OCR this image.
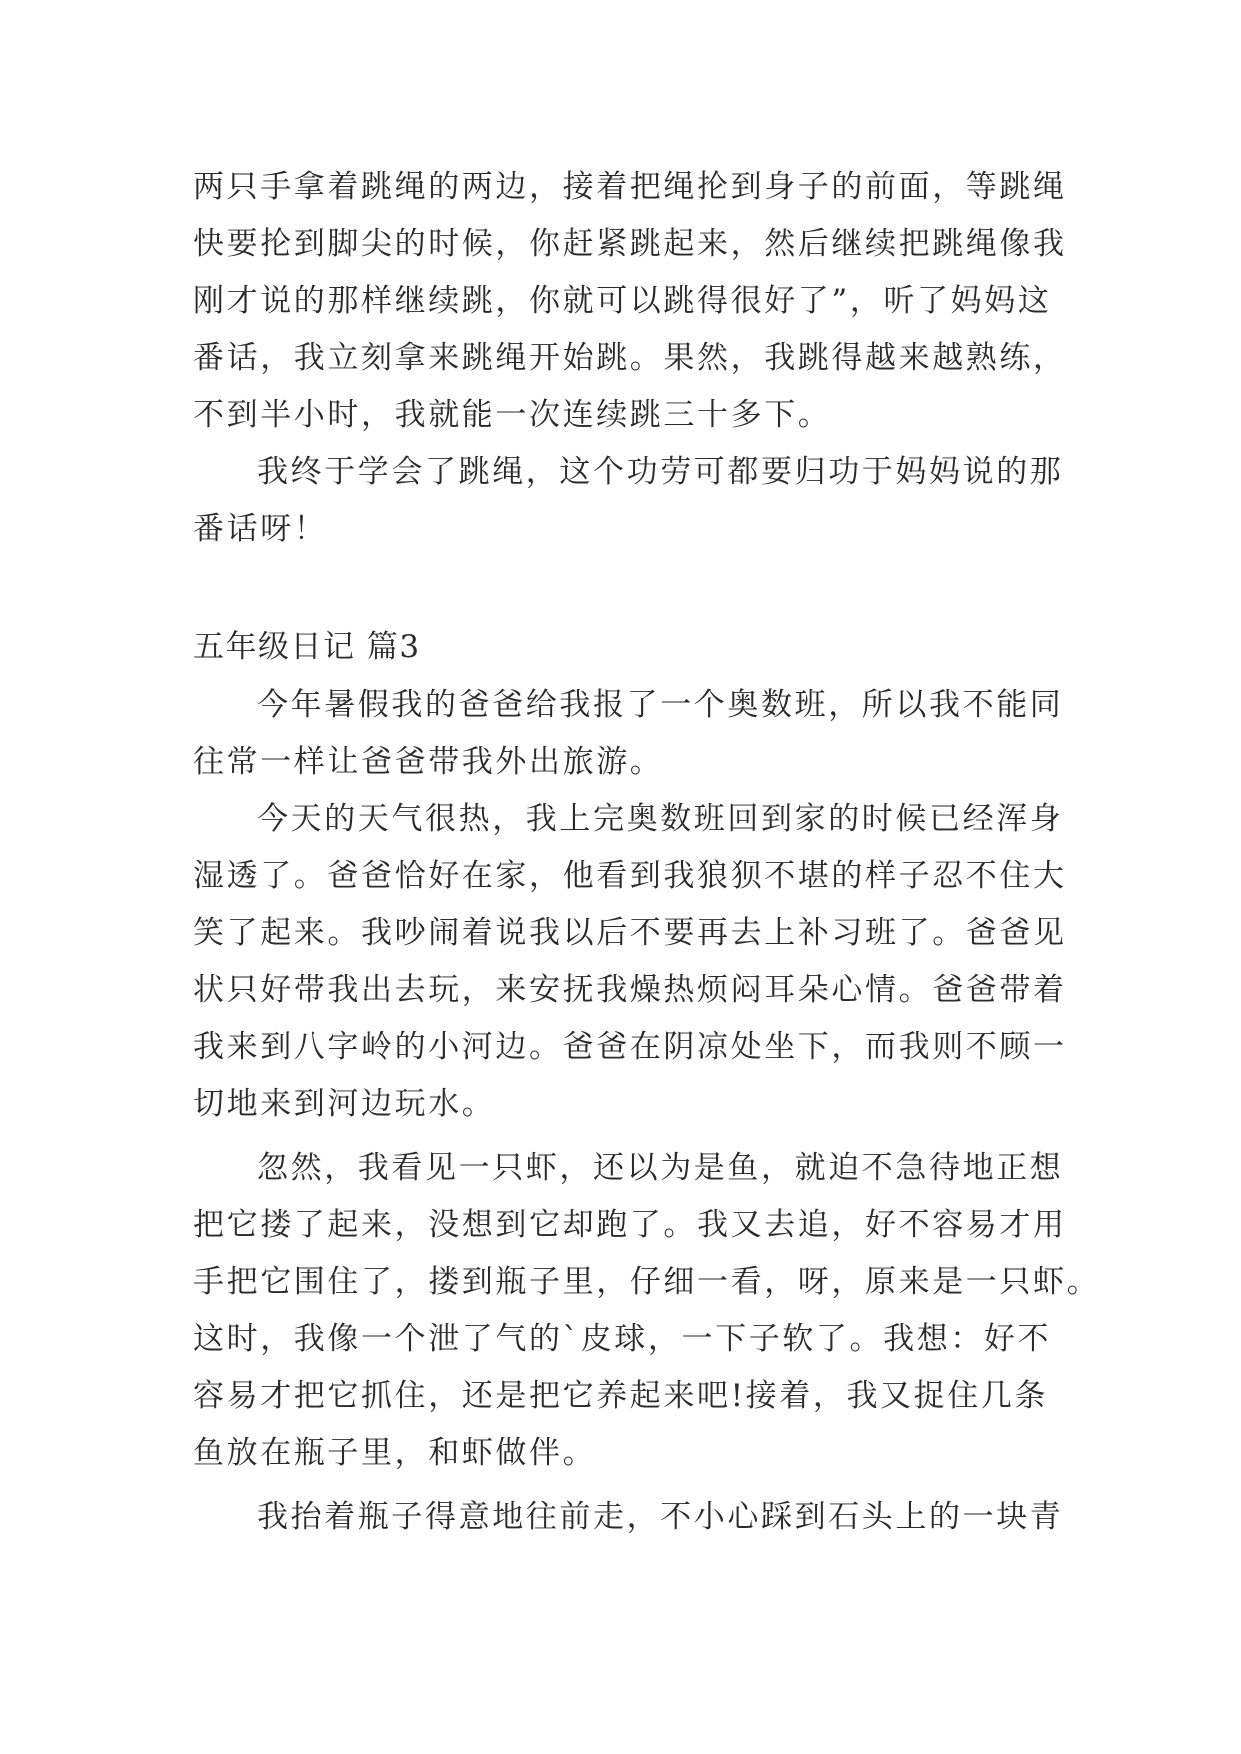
两只手拿着跳绳的两边，接着把绳抡到身子的前面，等跳绳
快要抡到脚尖的时候，你赶紧跳起来，然后继续把跳绳像我
刚才说的那样继续跳，你就可以跳得很好了”，听了妈妈这
番话，我立刻拿来跳绳开始跳。果然，我跳得越来越熟练，
不到半小时，我就能一次连续跳三十多下。
我终于学会了跳绳，这个功劳可都要归功于妈妈说的那
番话呀！
五年级日记 篇3
今年暑假我的爸爸给我报了一个奥数班，所以我不能同
往常一样让爸爸带我外出旅游。
今天的天气很热，我上完奥数班回到家的时候已经浑身
湿透了。爸爸恰好在家，他看到我狼狈不堪的样子忍不住大
笑了起来。我吵闹着说我以后不要再去上补习班了。爸爸见
状只好带我出去玩，来安抚我燥热烦闷耳朵心情。爸爸带着
我来到八字岭的小河边。爸爸在阴凉处坐下，而我则不顾一
切地来到河边玩水。
忽然，我看见一只虾，还以为是鱼，就迫不急待地正想
把它搂了起来，没想到它却跑了。我又去追，好不容易才用
手把它围住了，搂到瓶子里，仔细一看，呀，原来是一只虾。
这时，我像一个泄了气的`皮球，一下子软了。我想：好不
容易才把它抓住，还是把它养起来吧!接着，我又捉住几条
鱼放在瓶子里，和虾做伴。
我抬着瓶子得意地往前走，不小心踩到石头上的一块青
